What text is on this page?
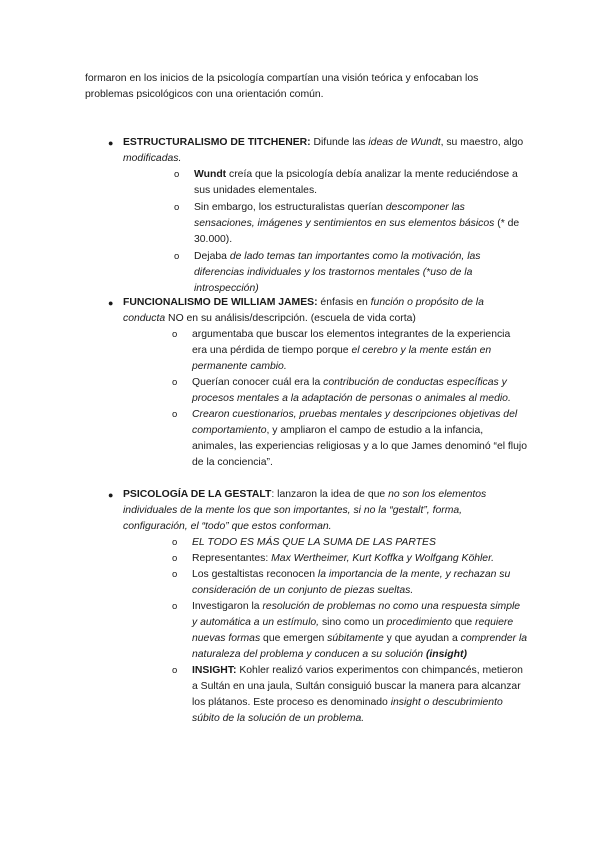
formaron en los inicios de la psicología compartían una visión teórica y enfocaban los

problemas psicológicos con una orientación común.

● ESTRUCTURALISMO DE TITCHENER: Difunde las ideas de Wundt, su maestro, algo modificadas.
o Wundt creía que la psicología debía analizar la mente reduciéndose a sus unidades elementales.
o Sin embargo, los estructuralistas querían descomponer las sensaciones, imágenes y sentimientos en sus elementos básicos (* de 30.000).
o Dejaba de lado temas tan importantes como la motivación, las diferencias individuales y los trastornos mentales (*uso de la introspección)
● FUNCIONALISMO DE WILLIAM JAMES: énfasis en función o propósito de la conducta NO en su análisis/descripción. (escuela de vida corta)
o argumentaba que buscar los elementos integrantes de la experiencia era una pérdida de tiempo porque el cerebro y la mente están en permanente cambio.
o Querían conocer cuál era la contribución de conductas específicas y procesos mentales a la adaptación de personas o animales al medio.
o Crearon cuestionarios, pruebas mentales y descripciones objetivas del comportamiento, y ampliaron el campo de estudio a la infancia, animales, las experiencias religiosas y a lo que James denominó “el flujo de la conciencia”.
● PSICOLOGÍA DE LA GESTALT: lanzaron la idea de que no son los elementos individuales de la mente los que son importantes, si no la “gestalt”, forma, configuración, el “todo” que estos conforman.
o EL TODO ES MÁS QUE LA SUMA DE LAS PARTES
o Representantes: Max Wertheimer, Kurt Koffka y Wolfgang Köhler.
o Los gestaltistas reconocen la importancia de la mente, y rechazan su consideración de un conjunto de piezas sueltas.
o Investigaron la resolución de problemas no como una respuesta simple y automática a un estímulo, sino como un procedimiento que requiere nuevas formas que emergen súbitamente y que ayudan a comprender la naturaleza del problema y conducen a su solución (insight)
o INSIGHT: Kohler realizó varios experimentos con chimpancés, metieron a Sultán en una jaula, Sultán consiguió buscar la manera para alcanzar los plátanos. Este proceso es denominado insight o descubrimiento súbito de la solución de un problema.
